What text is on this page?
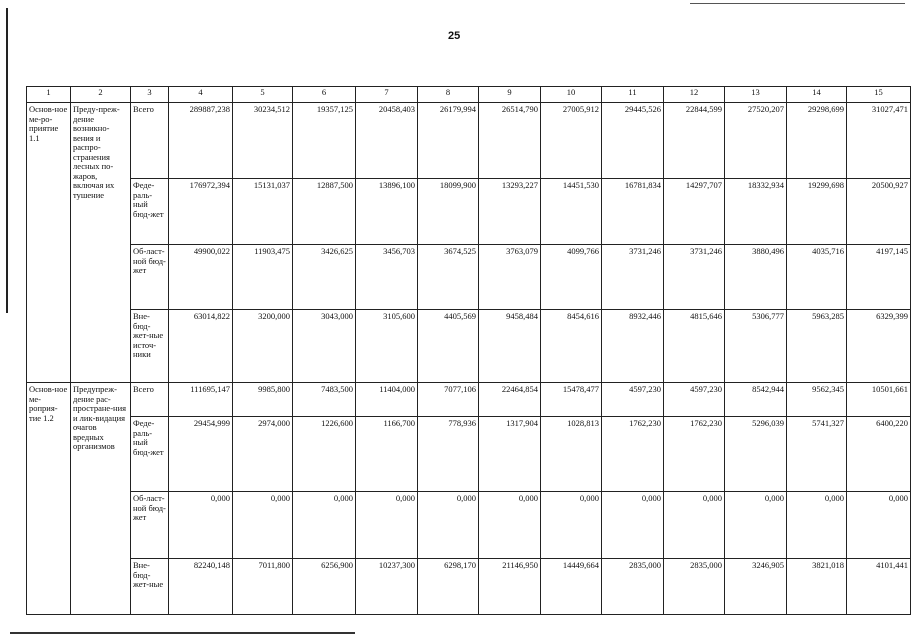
25
1	2	3	4	5	6	7	8	9	10	11	12	13	14	15
Основ-ное ме-ро-приятие 1.1	Преду-преж-дение возникно-вения и распро-странения лесных по-жаров, включая их тушение	Всего	289887,238	30234,512	19357,125	20458,403	26179,994	26514,790	27005,912	29445,526	22844,599	27520,207	29298,699	31027,471
		Феде-раль-ный бюд-жет	176972,394	15131,037	12887,500	13896,100	18099,900	13293,227	14451,530	16781,834	14297,707	18332,934	19299,698	20500,927
		Об-ласт-ной бюд-жет	49900,022	11903,475	3426,625	3456,703	3674,525	3763,079	4099,766	3731,246	3731,246	3880,496	4035,716	4197,145
		Вне-бюд-жет-ные источ-ники	63014,822	3200,000	3043,000	3105,600	4405,569	9458,484	8454,616	8932,446	4815,646	5306,777	5963,285	6329,399
Основ-ное ме-роприя-тие 1.2	Предупреж-дение рас-простране-ния и лик-видация очагов вредных организмов	Всего	111695,147	9985,800	7483,500	11404,000	7077,106	22464,854	15478,477	4597,230	4597,230	8542,944	9562,345	10501,661
		Феде-раль-ный бюд-жет	29454,999	2974,000	1226,600	1166,700	778,936	1317,904	1028,813	1762,230	1762,230	5296,039	5741,327	6400,220
		Об-ласт-ной бюд-жет	0,000	0,000	0,000	0,000	0,000	0,000	0,000	0,000	0,000	0,000	0,000	0,000
		Вне-бюд-жет-ные	82240,148	7011,800	6256,900	10237,300	6298,170	21146,950	14449,664	2835,000	2835,000	3246,905	3821,018	4101,441
